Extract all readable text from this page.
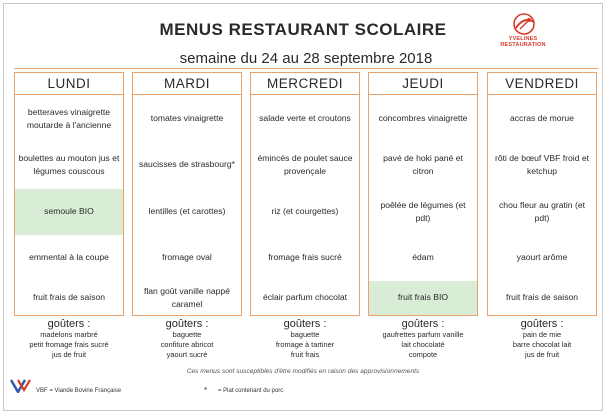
MENUS RESTAURANT SCOLAIRE	YVELINES RESTAURATION
semaine du 24 au 28 septembre 2018
LUNDI
betteraves vinaigrette moutarde à l'ancienne
boulettes au mouton jus et légumes couscous
semoule BIO
emmental à la coupe
fruit frais de saison
MARDI
tomates vinaigrette
saucisses de strasbourg*
lentilles (et carottes)
fromage oval
flan goût vanille nappé caramel
MERCREDI
salade verte et croutons
émincés de poulet sauce provençale
riz (et courgettes)
fromage frais sucré
éclair parfum chocolat
JEUDI
concombres vinaigrette
pavé de hoki pané et citron
poêlée de légumes (et pdt)
édam
fruit frais BIO
VENDREDI
accras de morue
rôti de bœuf VBF froid et ketchup
chou fleur au gratin (et pdt)
yaourt arôme
fruit frais de saison
goûters :
madelons marbré
petit fromage frais sucré
jus de fruit
goûters :
baguette
confiture abricot
yaourt sucré
goûters :
baguette
fromage à tartiner
fruit frais
goûters :
gaufrettes parfum vanille
lait chocolaté
compote
goûters :
pain de mie
barre chocolat lait
jus de fruit
Ces menus sont susceptibles d'être modifiés en raison des approvisionnements
VBF = Viande Bovine Française	* = Plat contenant du porc
